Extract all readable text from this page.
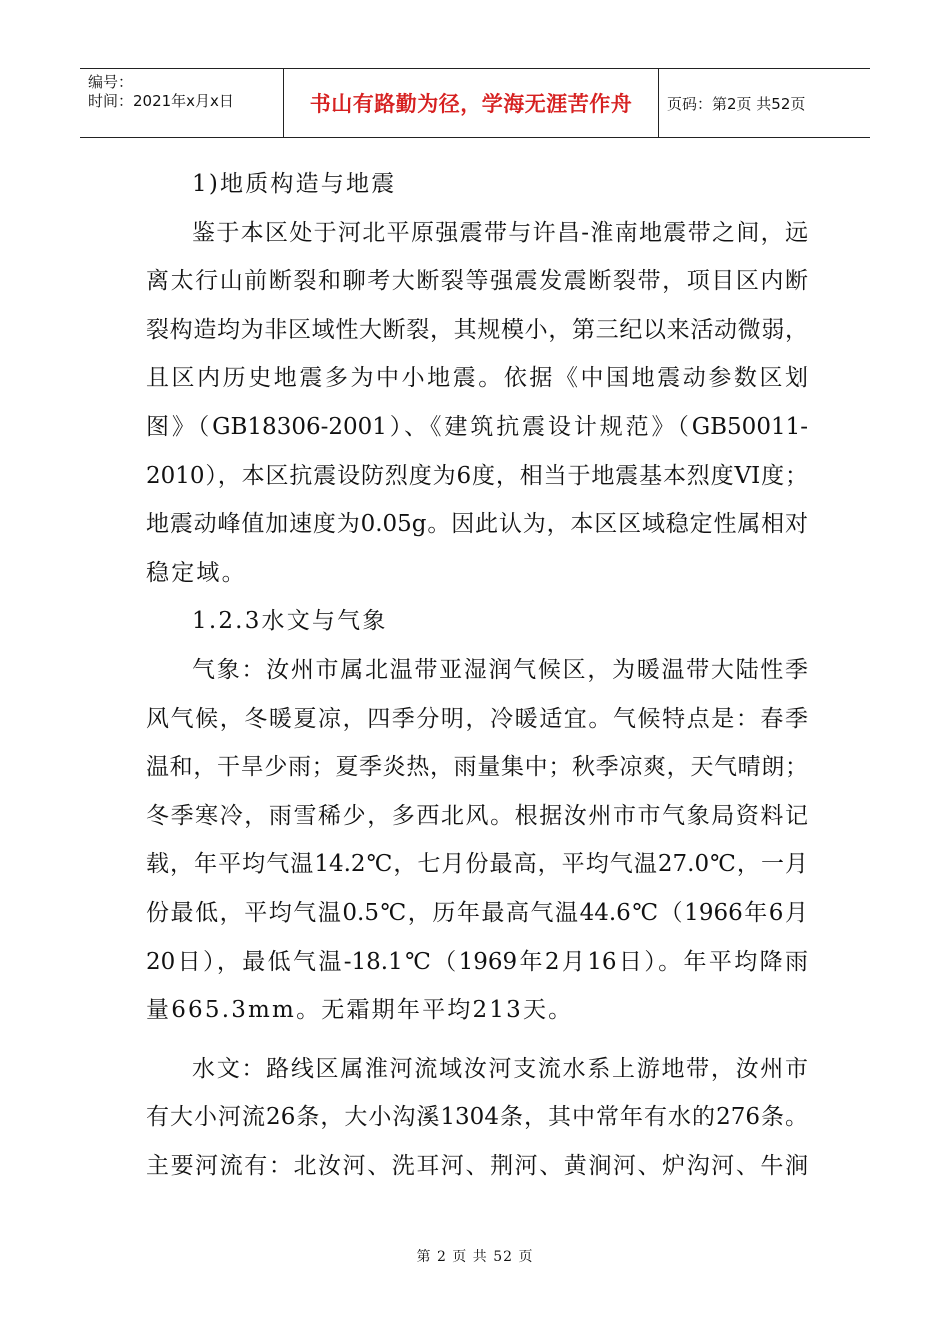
编号：
时间：2021年x月x日	书山有路勤为径，学海无涯苦作舟	页码：第2页 共52页
1)地质构造与地震
鉴于本区处于河北平原强震带与许昌-淮南地震带之间，远
离太行山前断裂和聊考大断裂等强震发震断裂带，项目区内断
裂构造均为非区域性大断裂，其规模小，第三纪以来活动微弱，
且区内历史地震多为中小地震。依据《中国地震动参数区划
图》（GB18306-2001）、《建筑抗震设计规范》（GB50011-
2010），本区抗震设防烈度为6度，相当于地震基本烈度VI度；
地震动峰值加速度为0.05g。因此认为，本区区域稳定性属相对
稳定域。
1.2.3水文与气象
气象：汝州市属北温带亚湿润气候区，为暖温带大陆性季
风气候，冬暖夏凉，四季分明，冷暖适宜。气候特点是：春季
温和，干旱少雨；夏季炎热，雨量集中；秋季凉爽，天气晴朗；
冬季寒冷，雨雪稀少，多西北风。根据汝州市市气象局资料记
载，年平均气温14.2℃，七月份最高，平均气温27.0℃，一月
份最低，平均气温0.5℃，历年最高气温44.6℃（1966年6月
20日），最低气温-18.1℃（1969年2月16日）。年平均降雨
量665.3mm。无霜期年平均213天。
水文：路线区属淮河流域汝河支流水系上游地带，汝州市
有大小河流26条，大小沟溪1304条，其中常年有水的276条。
主要河流有：北汝河、洗耳河、荆河、黄涧河、炉沟河、牛涧
第 2 页 共 52 页
